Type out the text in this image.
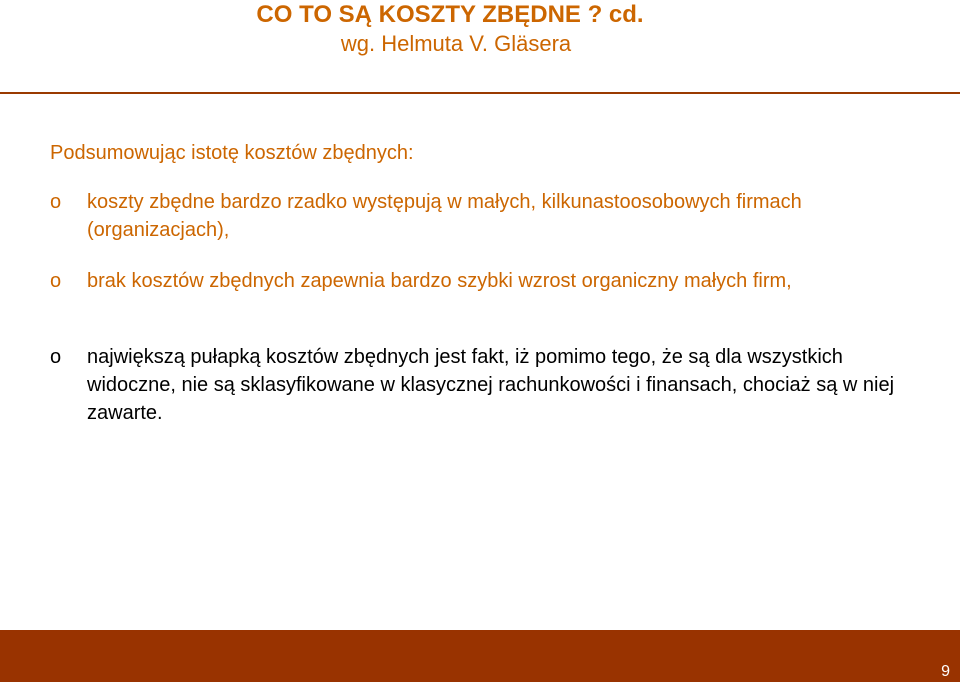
CO TO SĄ KOSZTY ZBĘDNE ? cd.
wg. Helmuta V. Gläsera
Podsumowując istotę kosztów zbędnych:
o koszty zbędne bardzo rzadko występują w małych, kilkunastoosobowych firmach (organizacjach),
o brak kosztów zbędnych zapewnia bardzo szybki wzrost organiczny małych firm,
o największą pułapką kosztów zbędnych jest fakt, iż pomimo tego, że są dla wszystkich widoczne, nie są sklasyfikowane w klasycznej rachunkowości i finansach, chociaż są w niej zawarte.
9
